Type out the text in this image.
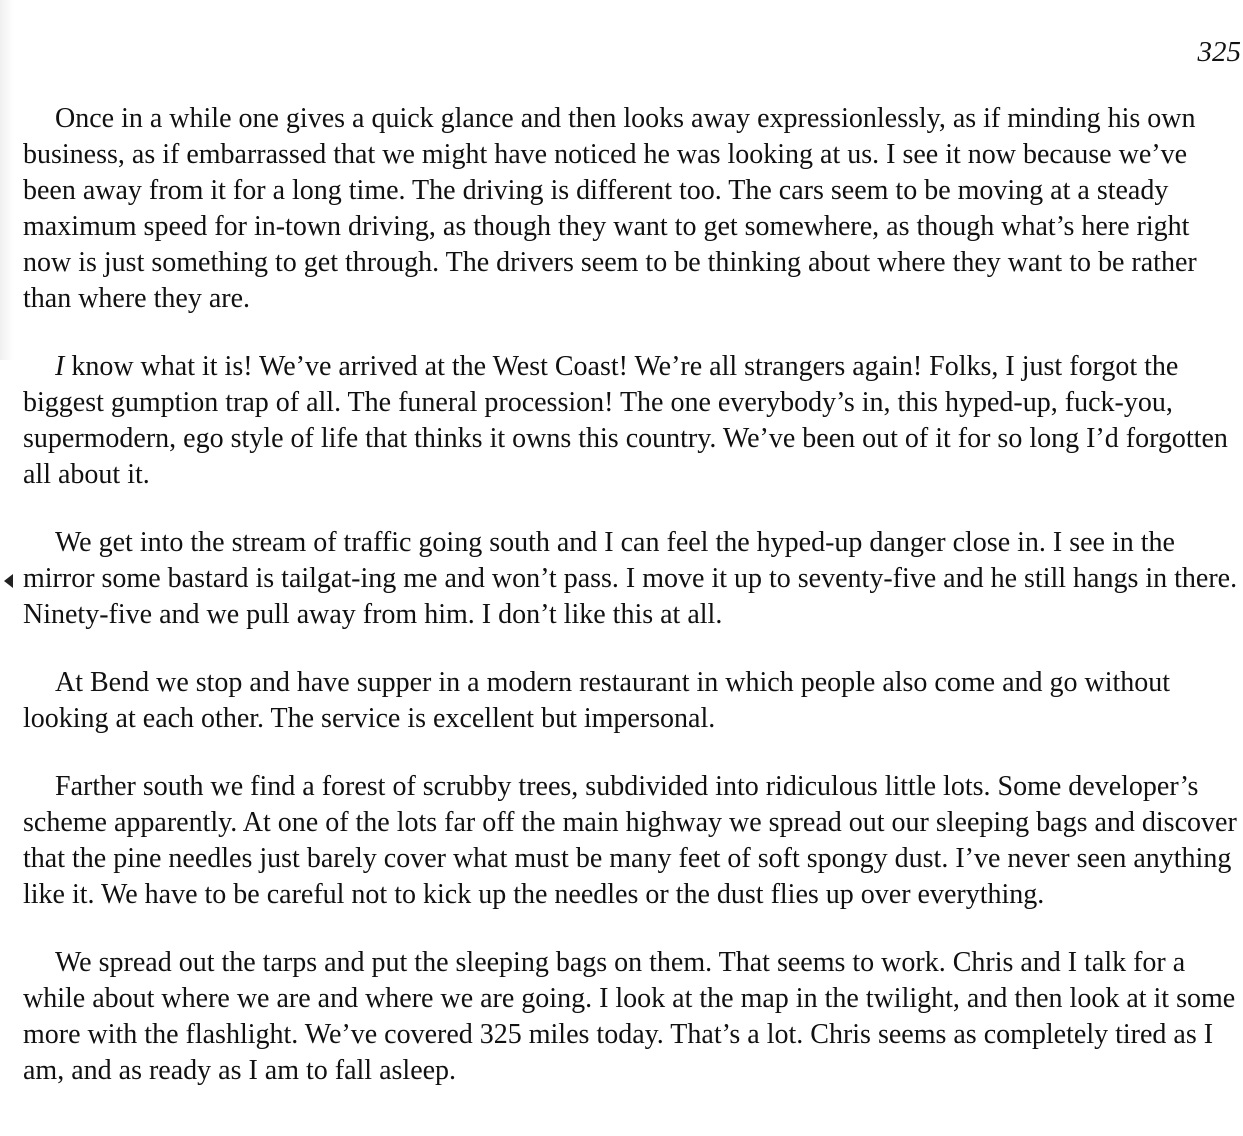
325

Once in a while one gives a quick glance and then looks away expressionlessly, as if minding his own business, as if embarrassed that we might have noticed he was looking at us. I see it now because we’ve been away from it for a long time. The driving is different too. The cars seem to be moving at a steady maximum speed for in-town driving, as though they want to get somewhere, as though what’s here right now is just something to get through. The drivers seem to be thinking about where they want to be rather than where they are.

I know what it is! We’ve arrived at the West Coast! We’re all strangers again! Folks, I just forgot the biggest gumption trap of all. The funeral procession! The one everybody’s in, this hyped-up, fuck-you, supermodern, ego style of life that thinks it owns this country. We’ve been out of it for so long I’d forgotten all about it.

We get into the stream of traffic going south and I can feel the hyped-up danger close in. I see in the mirror some bastard is tailgat-ing me and won’t pass. I move it up to seventy-five and he still hangs in there. Ninety-five and we pull away from him. I don’t like this at all.

At Bend we stop and have supper in a modern restaurant in which people also come and go without looking at each other. The service is excellent but impersonal.

Farther south we find a forest of scrubby trees, subdivided into ridiculous little lots. Some developer’s scheme apparently. At one of the lots far off the main highway we spread out our sleeping bags and discover that the pine needles just barely cover what must be many feet of soft spongy dust. I’ve never seen anything like it. We have to be careful not to kick up the needles or the dust flies up over everything.

We spread out the tarps and put the sleeping bags on them. That seems to work. Chris and I talk for a while about where we are and where we are going. I look at the map in the twilight, and then look at it some more with the flashlight. We’ve covered 325 miles today. That’s a lot. Chris seems as completely tired as I am, and as ready as I am to fall asleep.
